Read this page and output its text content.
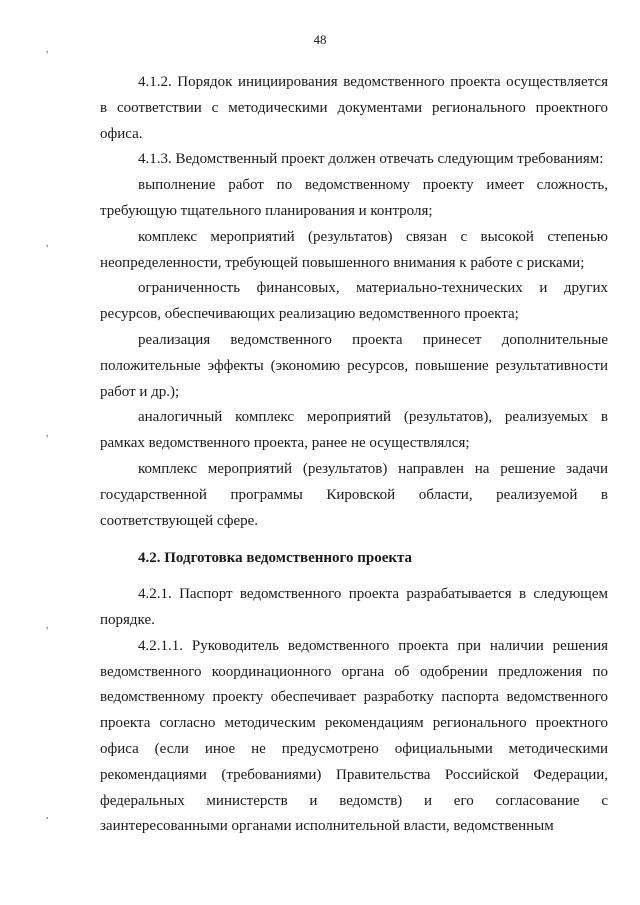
48
,
,
,
,
,

4.1.2. Порядок инициирования ведомственного проекта осуществляется в соответствии с методическими документами регионального проектного офиса.

4.1.3. Ведомственный проект должен отвечать следующим требованиям:

выполнение работ по ведомственному проекту имеет сложность, требующую тщательного планирования и контроля;

комплекс мероприятий (результатов) связан с высокой степенью неопределенности, требующей повышенного внимания к работе с рисками;

ограниченность финансовых, материально-технических и других ресурсов, обеспечивающих реализацию ведомственного проекта;

реализация ведомственного проекта принесет дополнительные положительные эффекты (экономию ресурсов, повышение результативности работ и др.);

аналогичный комплекс мероприятий (результатов), реализуемых в рамках ведомственного проекта, ранее не осуществлялся;

комплекс мероприятий (результатов) направлен на решение задачи государственной программы Кировской области, реализуемой в соответствующей сфере.

4.2. Подготовка ведомственного проекта

4.2.1. Паспорт ведомственного проекта разрабатывается в следующем порядке.

4.2.1.1. Руководитель ведомственного проекта при наличии решения ведомственного координационного органа об одобрении предложения по ведомственному проекту обеспечивает разработку паспорта ведомственного проекта согласно методическим рекомендациям регионального проектного офиса (если иное не предусмотрено официальными методическими рекомендациями (требованиями) Правительства Российской Федерации, федеральных министерств и ведомств) и его согласование с заинтересованными органами исполнительной власти, ведомственным
